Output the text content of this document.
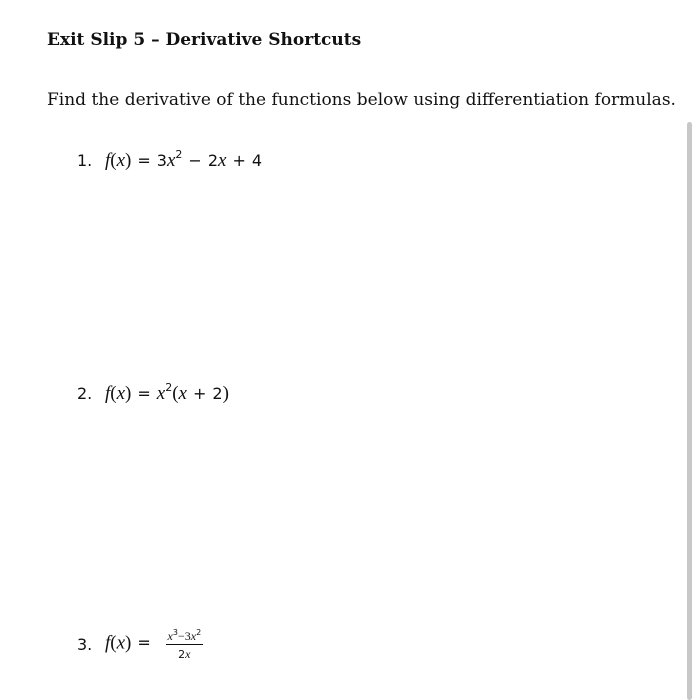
Exit Slip 5 – Derivative Shortcuts
Find the derivative of the functions below using differentiation formulas.
1. $f(x) = 3x^2 - 2x + 4$
2. $f(x) = x^2(x + 2)$
3. $f(x) = \frac{x^3-3x^2}{2x}$
